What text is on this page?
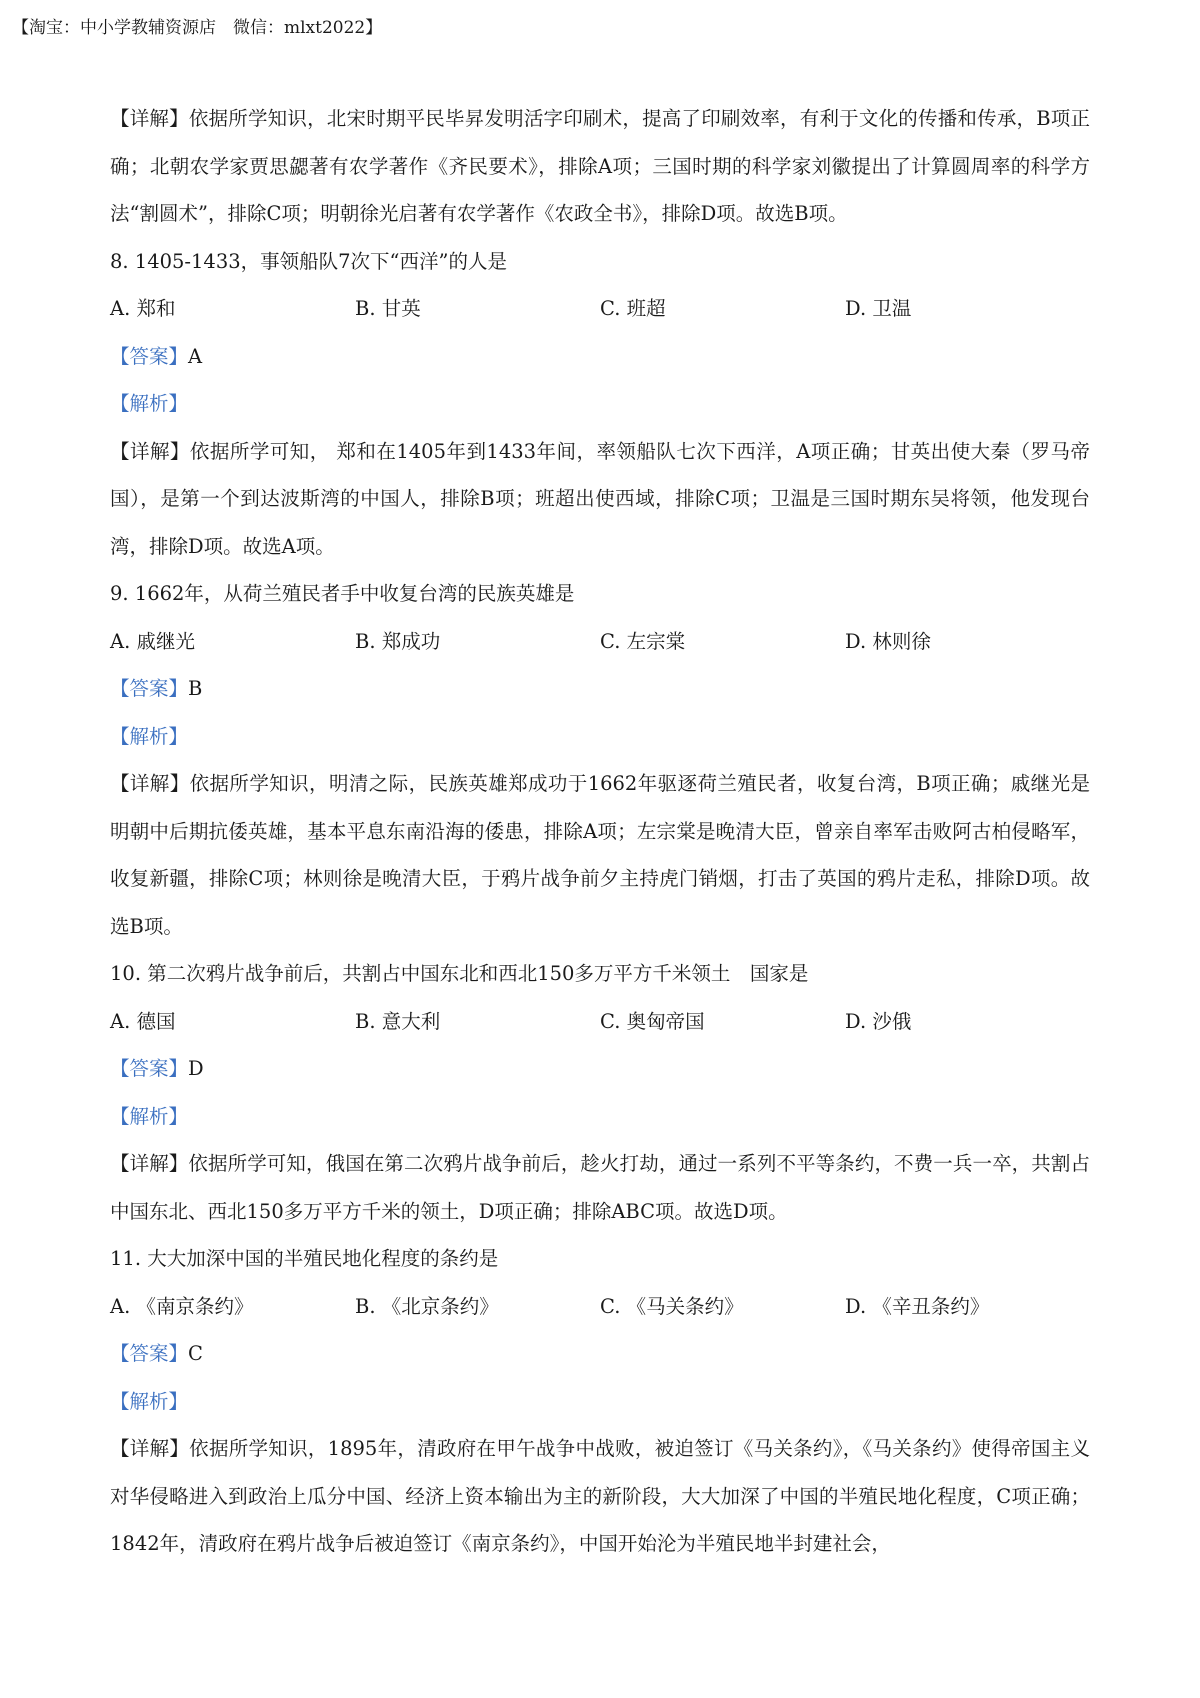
【淘宝：中小学教辅资源店　微信：mlxt2022】

【详解】依据所学知识，北宋时期平民毕昇发明活字印刷术，提高了印刷效率，有利于文化的传播和传承，B项正确；北朝农学家贾思勰著有农学著作《齐民要术》，排除A项；三国时期的科学家刘徽提出了计算圆周率的科学方法“割圆术”，排除C项；明朝徐光启著有农学著作《农政全书》，排除D项。故选B项。

8. 1405-1433，事领船队7次下“西洋”的人是

A. 郑和	B. 甘英	C. 班超	D. 卫温

【答案】A

【解析】

【详解】依据所学可知， 郑和在1405年到1433年间，率领船队七次下西洋，A项正确；甘英出使大秦（罗马帝国），是第一个到达波斯湾的中国人，排除B项；班超出使西域，排除C项；卫温是三国时期东吴将领，他发现台湾，排除D项。故选A项。

9. 1662年，从荷兰殖民者手中收复台湾的民族英雄是

A. 戚继光	B. 郑成功	C. 左宗棠	D. 林则徐

【答案】B

【解析】

【详解】依据所学知识，明清之际，民族英雄郑成功于1662年驱逐荷兰殖民者，收复台湾，B项正确；戚继光是明朝中后期抗倭英雄，基本平息东南沿海的倭患，排除A项；左宗棠是晚清大臣，曾亲自率军击败阿古柏侵略军，收复新疆，排除C项；林则徐是晚清大臣，于鸦片战争前夕主持虎门销烟，打击了英国的鸦片走私，排除D项。故选B项。

10. 第二次鸦片战争前后，共割占中国东北和西北150多万平方千米领土　国家是

A. 德国	B. 意大利	C. 奥匈帝国	D. 沙俄

【答案】D

【解析】

【详解】依据所学可知，俄国在第二次鸦片战争前后，趁火打劫，通过一系列不平等条约，不费一兵一卒，共割占中国东北、西北150多万平方千米的领土，D项正确；排除ABC项。故选D项。

11. 大大加深中国的半殖民地化程度的条约是

A. 《南京条约》	B. 《北京条约》	C. 《马关条约》	D. 《辛丑条约》

【答案】C

【解析】

【详解】依据所学知识，1895年，清政府在甲午战争中战败，被迫签订《马关条约》，《马关条约》使得帝国主义对华侵略进入到政治上瓜分中国、经济上资本输出为主的新阶段，大大加深了中国的半殖民地化程度，C项正确；1842年，清政府在鸦片战争后被迫签订《南京条约》，中国开始沦为半殖民地半封建社会，
